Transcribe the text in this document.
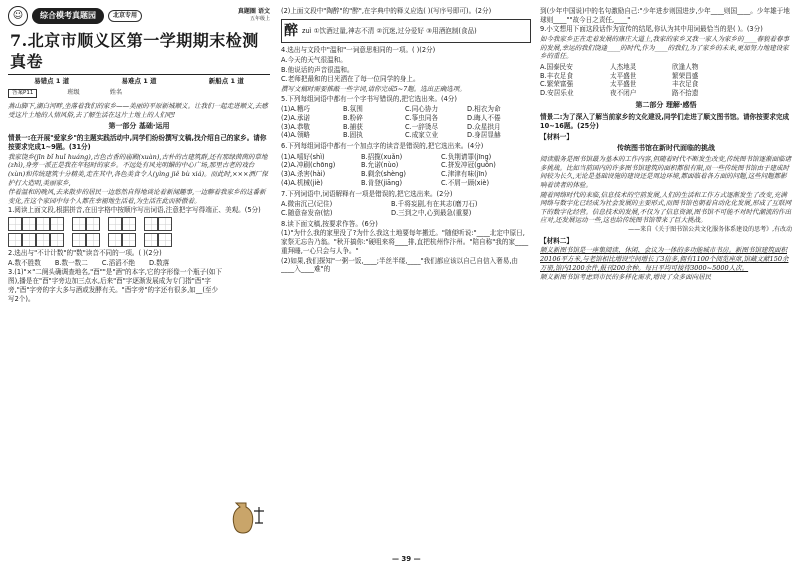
☺	综合模考真题园	北京专用
真题圈 语文
五年级上
7.北京市顺义区第一学期期末检测真卷
易错点 1 道	易难点 1 道	新船点 1 道
答案P11	班级	姓名

燕山脚下,潮白河畔,坐落着我们的家乡——美丽的平原新城顺义。让我们一起走进顺义,去感受这片土地的人情风俗,去了解生活在这片土地上的人们吧!

第一部分 基础·运用

情景一:在开展"爱家乡"的主题实践活动中,同学们纷纷撰写文稿,找介绍自己的家乡。请你按要求完成1~9题。(31分)

我家饶乡(jīn bǐ huǐ huáng),古色古香的庙殿(xuàn),古朴的古建筑群,还有那绿茵茵的草地(zhì),身旁一派正是我在年轻时的家乡。不远处有风光明媚的中心广场,那里古老的戏台(xùn)和传统建筑十分精美,走在其中,各色美食令人(yìng jiě bù xiá)。而此时,×××酒厂保护打大造明,美丽家乡,

伴着温和的晚风,去来散步的居民一边悠然自得地谈论着新闻趣事,一边聊着我家乡的这番新变化,在这个家园中每个人都在幸福地生活着,为生活在此而骄傲着。

1.阅读上面文段,根据拼音,在田字格中按顺序写出词语,注意把字写得端正、美观。(5分)

2.选出与"不计计数"的"数"读音不同的一项。( )(2分)

A.数不胜数 B.数一数二 C.滔滔不绝 D.数落

3.(1)"×"二阕头确调查地名,"酉""是"酒"的本字,它的字形像一个瓶子(如下图),播是在"酉"字旁边加三点水,后来"酉"字逐渐发展成为专门指"酉"字旁,"酉"字旁的字大多与酒或发酵有关。"酉字旁"的字还有很多,如__(至少写2个)。

(2)上面文段中"陶醉"的"醉",在字典中的释义应选( )(写序号即可)。(2分)

醉 zuì ①饮酒过量,神志不清 ②沉迷,过分爱好 ③用酒泡制(食品)

4.选出与文段中"温和"一词意思相同的一项。( )(2分)

A.今天的天气很温和。

B.他说话的声音很温和。

C.老师把最和的目光洒在了每一位同学的身上。

撰写文稿时需要推敲一些字词,请你完成5~7题。选出正确选项。

5.下列每组词语中都有一个字书写错误的,把它选出来。(4分)

(1)A.糟巧	B.氛围	C.同心协力	D.相衣为命
(2)A.承诺	B.粉碎	C.筝虫同各	D.晦人不倦
(3)A.恭敬	B.捕获	C.一辞烫尽	D.众星拱月
(4)A.领略	B.固执	C.成家立业	D.身居显赫

6.下列每组词语中都有一个加点字的读音是错误的,把它选出来。(4分)

(1)A.嘻好(shì)	B.招揽(xuǎn)	C.负荆请罪(jīng)
(2)A.冲刷(chōng)	B.允诺(nùo)	C.挤发冲冠(guǒn)
(3)A.杀害(hài)	B.剩余(shèng)	C.津津有味(jīn)
(4)A.机械(jiè)	B.肯登(jiāng)	C.不屑一顾(xiè)

7.下列词语中,词语解释有一项是错误的,把它选出来。(2分)

A.微宙沉己(记住)	B.千将妄剧,有在其志(磨刀石)
C.随意奋发奋(惦)	D.三到之中,心到最急(重要)

8.读下面文稿,按要求作答。(6分)

(1)"为什么我的家里没了?为什么我这土地要每年搬迁。"随便听说:"____北定中原日,家祭无忘告乃翁。"秋开搞你:"硬咀来将____排,直把杭州作汴州。"陪自称"我的家____重拜睡,一心只会与人争。"

(2)如果,我们探知"一粥一饭,____;半丝半缕,____"我们都应该以自己自信入奢易,由____入____难"的

— 39 —

到(少年中国说)中的名句激励自己:"少年进步则国进步,少年____则国____。少年雄于地球则____""故今日之责任,____"

9.小文想用下面这段话作为宣传的结尾,你认为其中用词最恰当的是( )。(3分)

如今我家乡正在走着发展的康庄大道上,我家的家乡又我一家人为家乡的____春貌着春事的发展,幸运的我们饶逢____的时代,作为____的我们,为了家乡的未来,更加努力地建设家乡的重任。

A.国泰民安	人杰地灵	欣逢人物
B.丰衣足食	太平盛世	繁荣昌盛
C.繁荣富强	太平盛世	丰衣足食
D.安居乐业	夜不闭户	路不拾遗
第二部分 理解·感悟

情景二:为了深入了解当前家乡的文化建设,同学们走进了顺文图书馆。请你按要求完成10~16题。(25分)

【材料一】
传统图书馆在新时代面临的挑战

阅读服务是图书馆最为基本的工作内容,但随着时代不断发生改变,传统图书馆逐渐面临诸多挑战。比如当前国内的许多图书馆建筑的面积都很有限,而一些传统图书馆由于建成时间较为长久,无论是基础设施的建设还是周边环境,都面临着各方面的问题,这些问题都影响着读者的体验。

随着网络时代的来临,信息技术的空前发展,人们的生活和工作方式逐渐发生了改变,充满网络与数字化已经成为社会发展的主要形式,而图书馆也朝着自动化化发展,形成了互联网下的数字化经营。信息技术的发展,不仅为了信息资源,图书馆不可能不对时代潮流的作出应对,还发展运动一些,这也给传统图书馆带来了巨大挑战。

——来自《关于图书馆公共文化服务体系建设的思考》,有改动

【材料二】

顺义新图书馆是一座集阅读、休闲、会议为一体的多功能城市书房。新图书馆建筑面积20106平方米,与老馆相比增设空间增长了3倍多,拥有1100个阅览座席,馆藏文献150余万册,馆内1200余件,报刊200余种。每日平均可接待3000~5000人次。

顺义新图书馆考虑到市民的多样化需求,增设了众多面向居民
